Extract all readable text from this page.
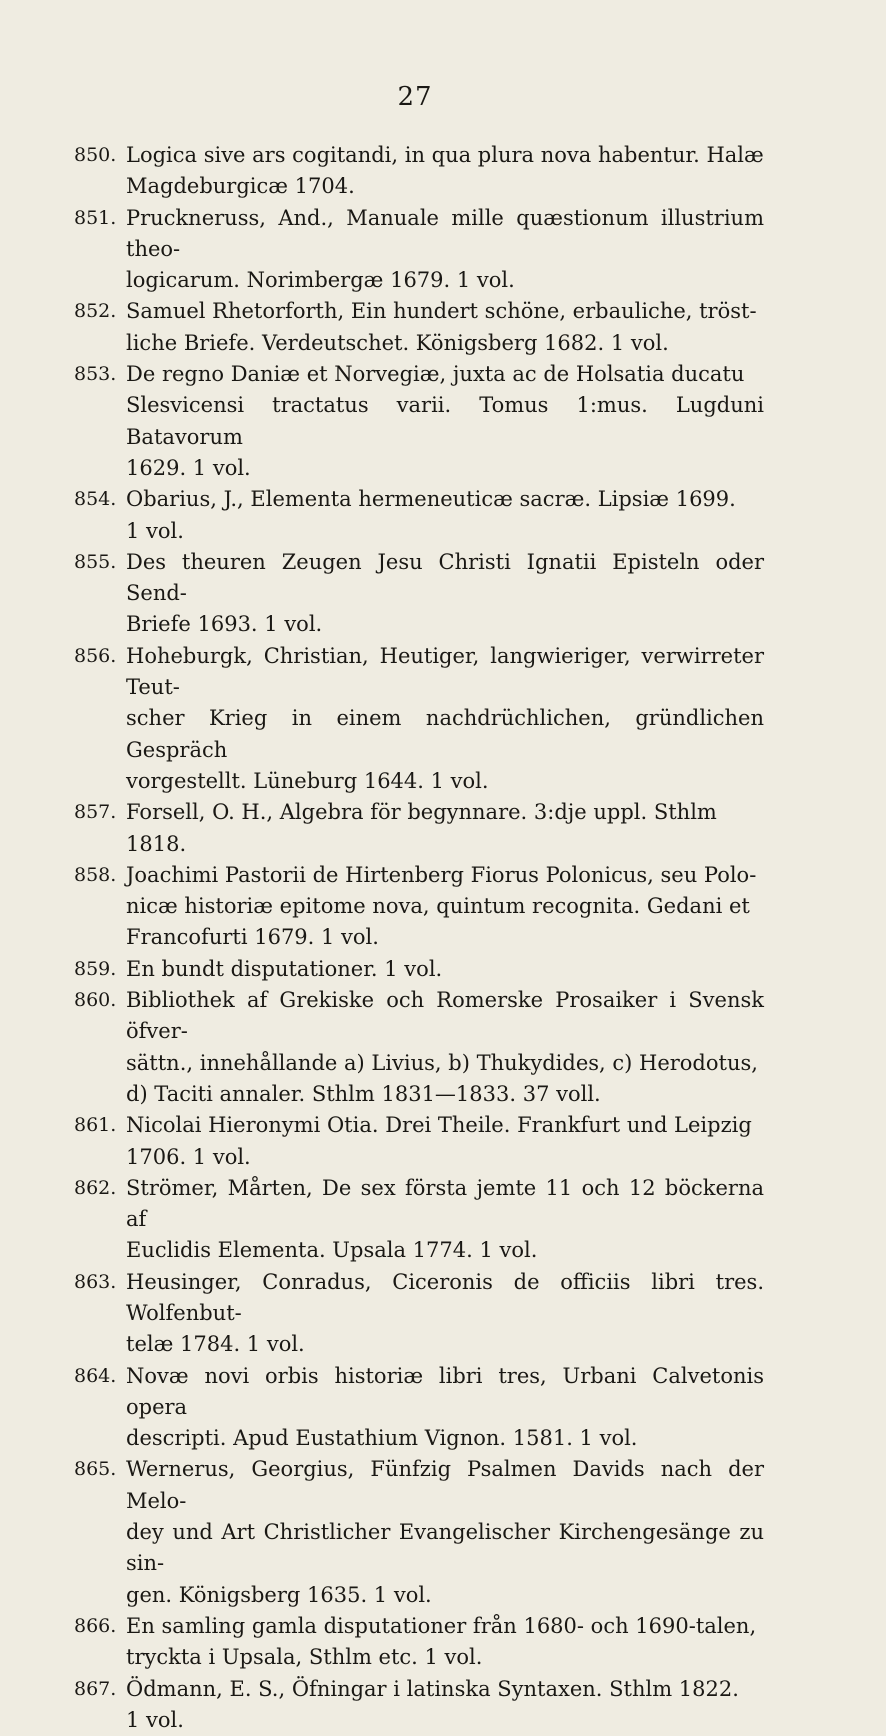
27
850. Logica sive ars cogitandi, in qua plura nova habentur. Halæ
Magdeburgicæ 1704.
851. Pruckneruss, And., Manuale mille quæstionum illustrium theo-
logicarum. Norimbergæ 1679. 1 vol.
852. Samuel Rhetorforth, Ein hundert schöne, erbauliche, tröst-
liche Briefe. Verdeutschet. Königsberg 1682. 1 vol.
853. De regno Daniæ et Norvegiæ, juxta ac de Holsatia ducatu
Slesvicensi tractatus varii. Tomus 1:mus. Lugduni Batavorum
1629. 1 vol.
854. Obarius, J., Elementa hermeneuticæ sacræ. Lipsiæ 1699.
1 vol.
855. Des theuren Zeugen Jesu Christi Ignatii Episteln oder Send-
Briefe 1693. 1 vol.
856. Hoheburgk, Christian, Heutiger, langwieriger, verwirreter Teut-
scher Krieg in einem nachdrüchlichen, gründlichen Gespräch
vorgestellt. Lüneburg 1644. 1 vol.
857. Forsell, O. H., Algebra för begynnare. 3:dje uppl. Sthlm
1818.
858. Joachimi Pastorii de Hirtenberg Fiorus Polonicus, seu Polo-
nicæ historiæ epitome nova, quintum recognita. Gedani et
Francofurti 1679. 1 vol.
859. En bundt disputationer. 1 vol.
860. Bibliothek af Grekiske och Romerske Prosaiker i Svensk öfver-
sättn., innehållande a) Livius, b) Thukydides, c) Herodotus,
d) Taciti annaler. Sthlm 1831—1833. 37 voll.
861. Nicolai Hieronymi Otia. Drei Theile. Frankfurt und Leipzig
1706. 1 vol.
862. Strömer, Mårten, De sex första jemte 11 och 12 böckerna af
Euclidis Elementa. Upsala 1774. 1 vol.
863. Heusinger, Conradus, Ciceronis de officiis libri tres. Wolfenbut-
telæ 1784. 1 vol.
864. Novæ novi orbis historiæ libri tres, Urbani Calvetonis opera
descripti. Apud Eustathium Vignon. 1581. 1 vol.
865. Wernerus, Georgius, Fünfzig Psalmen Davids nach der Melo-
dey und Art Christlicher Evangelischer Kirchengesänge zu sin-
gen. Königsberg 1635. 1 vol.
866. En samling gamla disputationer från 1680- och 1690-talen,
tryckta i Upsala, Sthlm etc. 1 vol.
867. Ödmann, E. S., Öfningar i latinska Syntaxen. Sthlm 1822.
1 vol.
